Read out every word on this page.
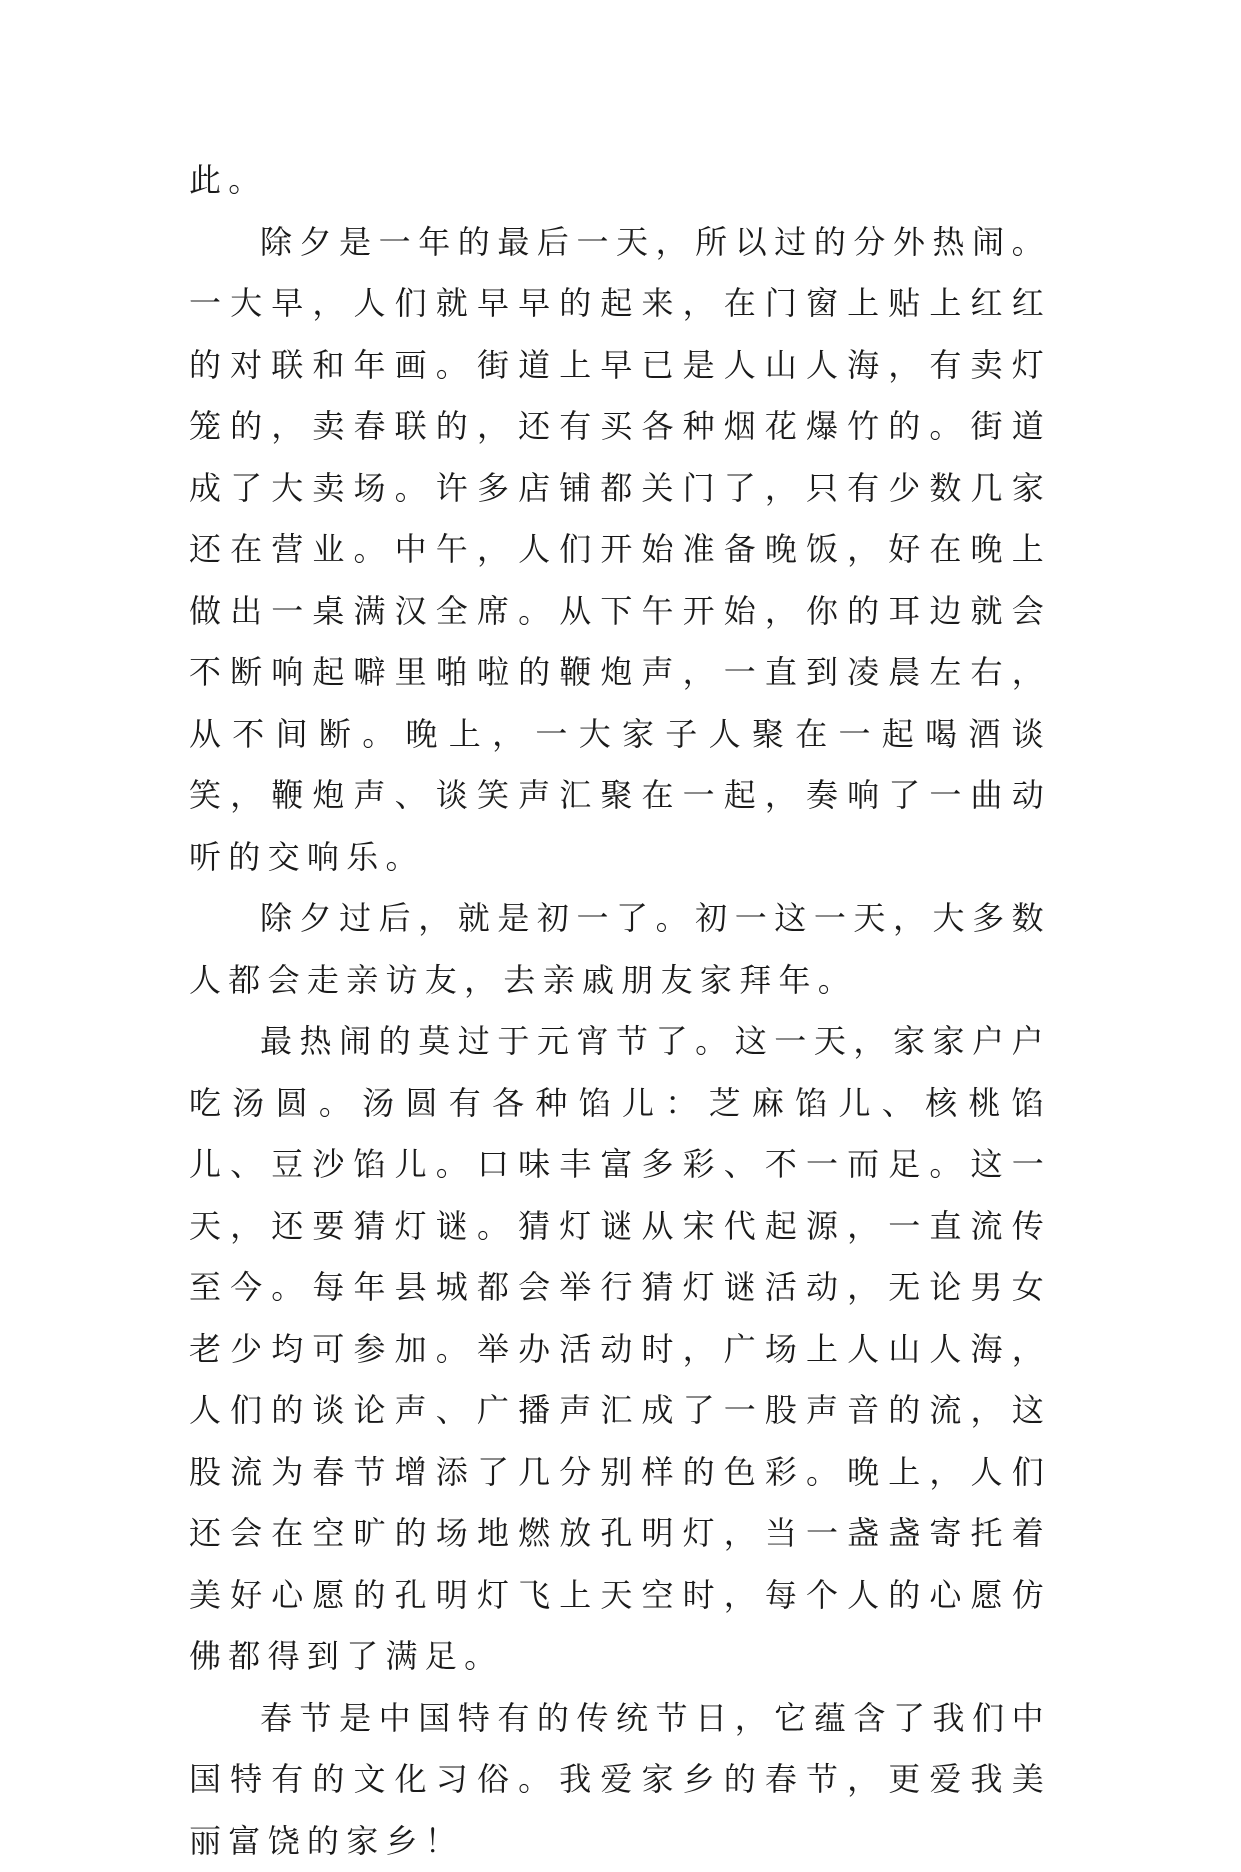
此。

除夕是一年的最后一天，所以过的分外热闹。一大早，人们就早早的起来，在门窗上贴上红红的对联和年画。街道上早已是人山人海，有卖灯笼的，卖春联的，还有买各种烟花爆竹的。街道成了大卖场。许多店铺都关门了，只有少数几家还在营业。中午，人们开始准备晚饭，好在晚上做出一桌满汉全席。从下午开始，你的耳边就会不断响起噼里啪啦的鞭炮声，一直到凌晨左右，从不间断。晚上，一大家子人聚在一起喝酒谈笑，鞭炮声、谈笑声汇聚在一起，奏响了一曲动听的交响乐。

除夕过后，就是初一了。初一这一天，大多数人都会走亲访友，去亲戚朋友家拜年。

最热闹的莫过于元宵节了。这一天，家家户户吃汤圆。汤圆有各种馅儿：芝麻馅儿、核桃馅儿、豆沙馅儿。口味丰富多彩、不一而足。这一天，还要猜灯谜。猜灯谜从宋代起源，一直流传至今。每年县城都会举行猜灯谜活动，无论男女老少均可参加。举办活动时，广场上人山人海，人们的谈论声、广播声汇成了一股声音的流，这股流为春节增添了几分别样的色彩。晚上，人们还会在空旷的场地燃放孔明灯，当一盏盏寄托着美好心愿的孔明灯飞上天空时，每个人的心愿仿佛都得到了满足。

春节是中国特有的传统节日，它蕴含了我们中国特有的文化习俗。我爱家乡的春节，更爱我美丽富饶的家乡！
